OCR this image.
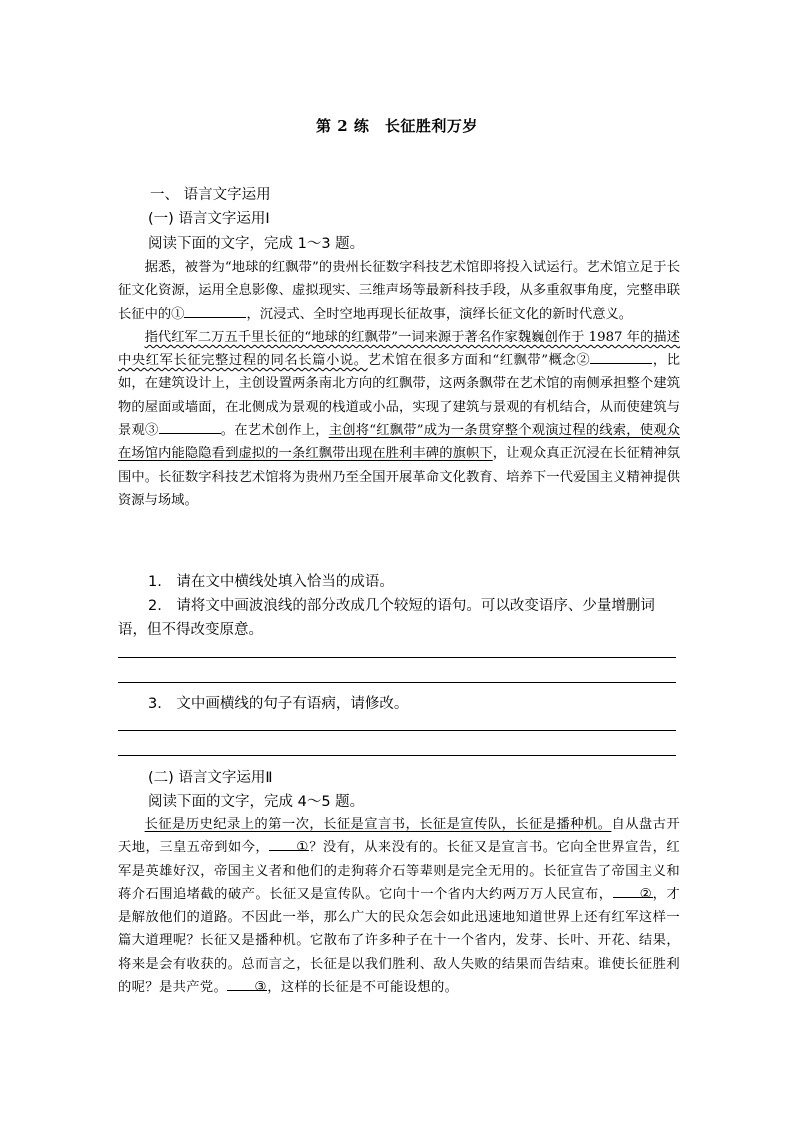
第 2 练　长征胜利万岁
一、 语言文字运用
(一) 语言文字运用Ⅰ
阅读下面的文字，完成 1～3 题。

据悉，被誉为“地球的红飘带”的贵州长征数字科技艺术馆即将投入试运行。艺术馆立足于长征文化资源，运用全息影像、虚拟现实、三维声场等最新科技手段，从多重叙事角度，完整串联长征中的①	，沉浸式、全时空地再现长征故事，演绎长征文化的新时代意义。

指代红军二万五千里长征的“地球的红飘带”一词来源于著名作家魏巍创作于 1987 年的描述中央红军长征完整过程的同名长篇小说。艺术馆在很多方面和“红飘带”概念②	，比如，在建筑设计上，主创设置两条南北方向的红飘带，这两条飘带在艺术馆的南侧承担整个建筑物的屋面或墙面，在北侧成为景观的栈道或小品，实现了建筑与景观的有机结合，从而使建筑与景观③	。在艺术创作上，主创将“红飘带”成为一条贯穿整个观演过程的线索，使观众在场馆内能隐隐看到虚拟的一条红飘带出现在胜利丰碑的旗帜下，让观众真正沉浸在长征精神氛围中。长征数字科技艺术馆将为贵州乃至全国开展革命文化教育、培养下一代爱国主义精神提供资源与场域。

1.　请在文中横线处填入恰当的成语。
2.　请将文中画波浪线的部分改成几个较短的语句。可以改变语序、少量增删词语，但不得改变原意。
3.　文中画横线的句子有语病，请修改。
(二) 语言文字运用Ⅱ
阅读下面的文字，完成 4～5 题。

长征是历史纪录上的第一次，长征是宣言书，长征是宣传队，长征是播种机。自从盘古开天地，三皇五帝到如今， ①？没有，从来没有的。长征又是宣言书。它向全世界宣告，红军是英雄好汉，帝国主义者和他们的走狗蒋介石等辈则是完全无用的。长征宣告了帝国主义和蒋介石围追堵截的破产。长征又是宣传队。它向十一个省内大约两万万人民宣布， ②，才是解放他们的道路。不因此一举，那么广大的民众怎会如此迅速地知道世界上还有红军这样一篇大道理呢？长征又是播种机。它散布了许多种子在十一个省内，发芽、长叶、开花、结果，将来是会有收获的。总而言之，长征是以我们胜利、敌人失败的结果而告结束。谁使长征胜利的呢？是共产党。 ③，这样的长征是不可能设想的。
